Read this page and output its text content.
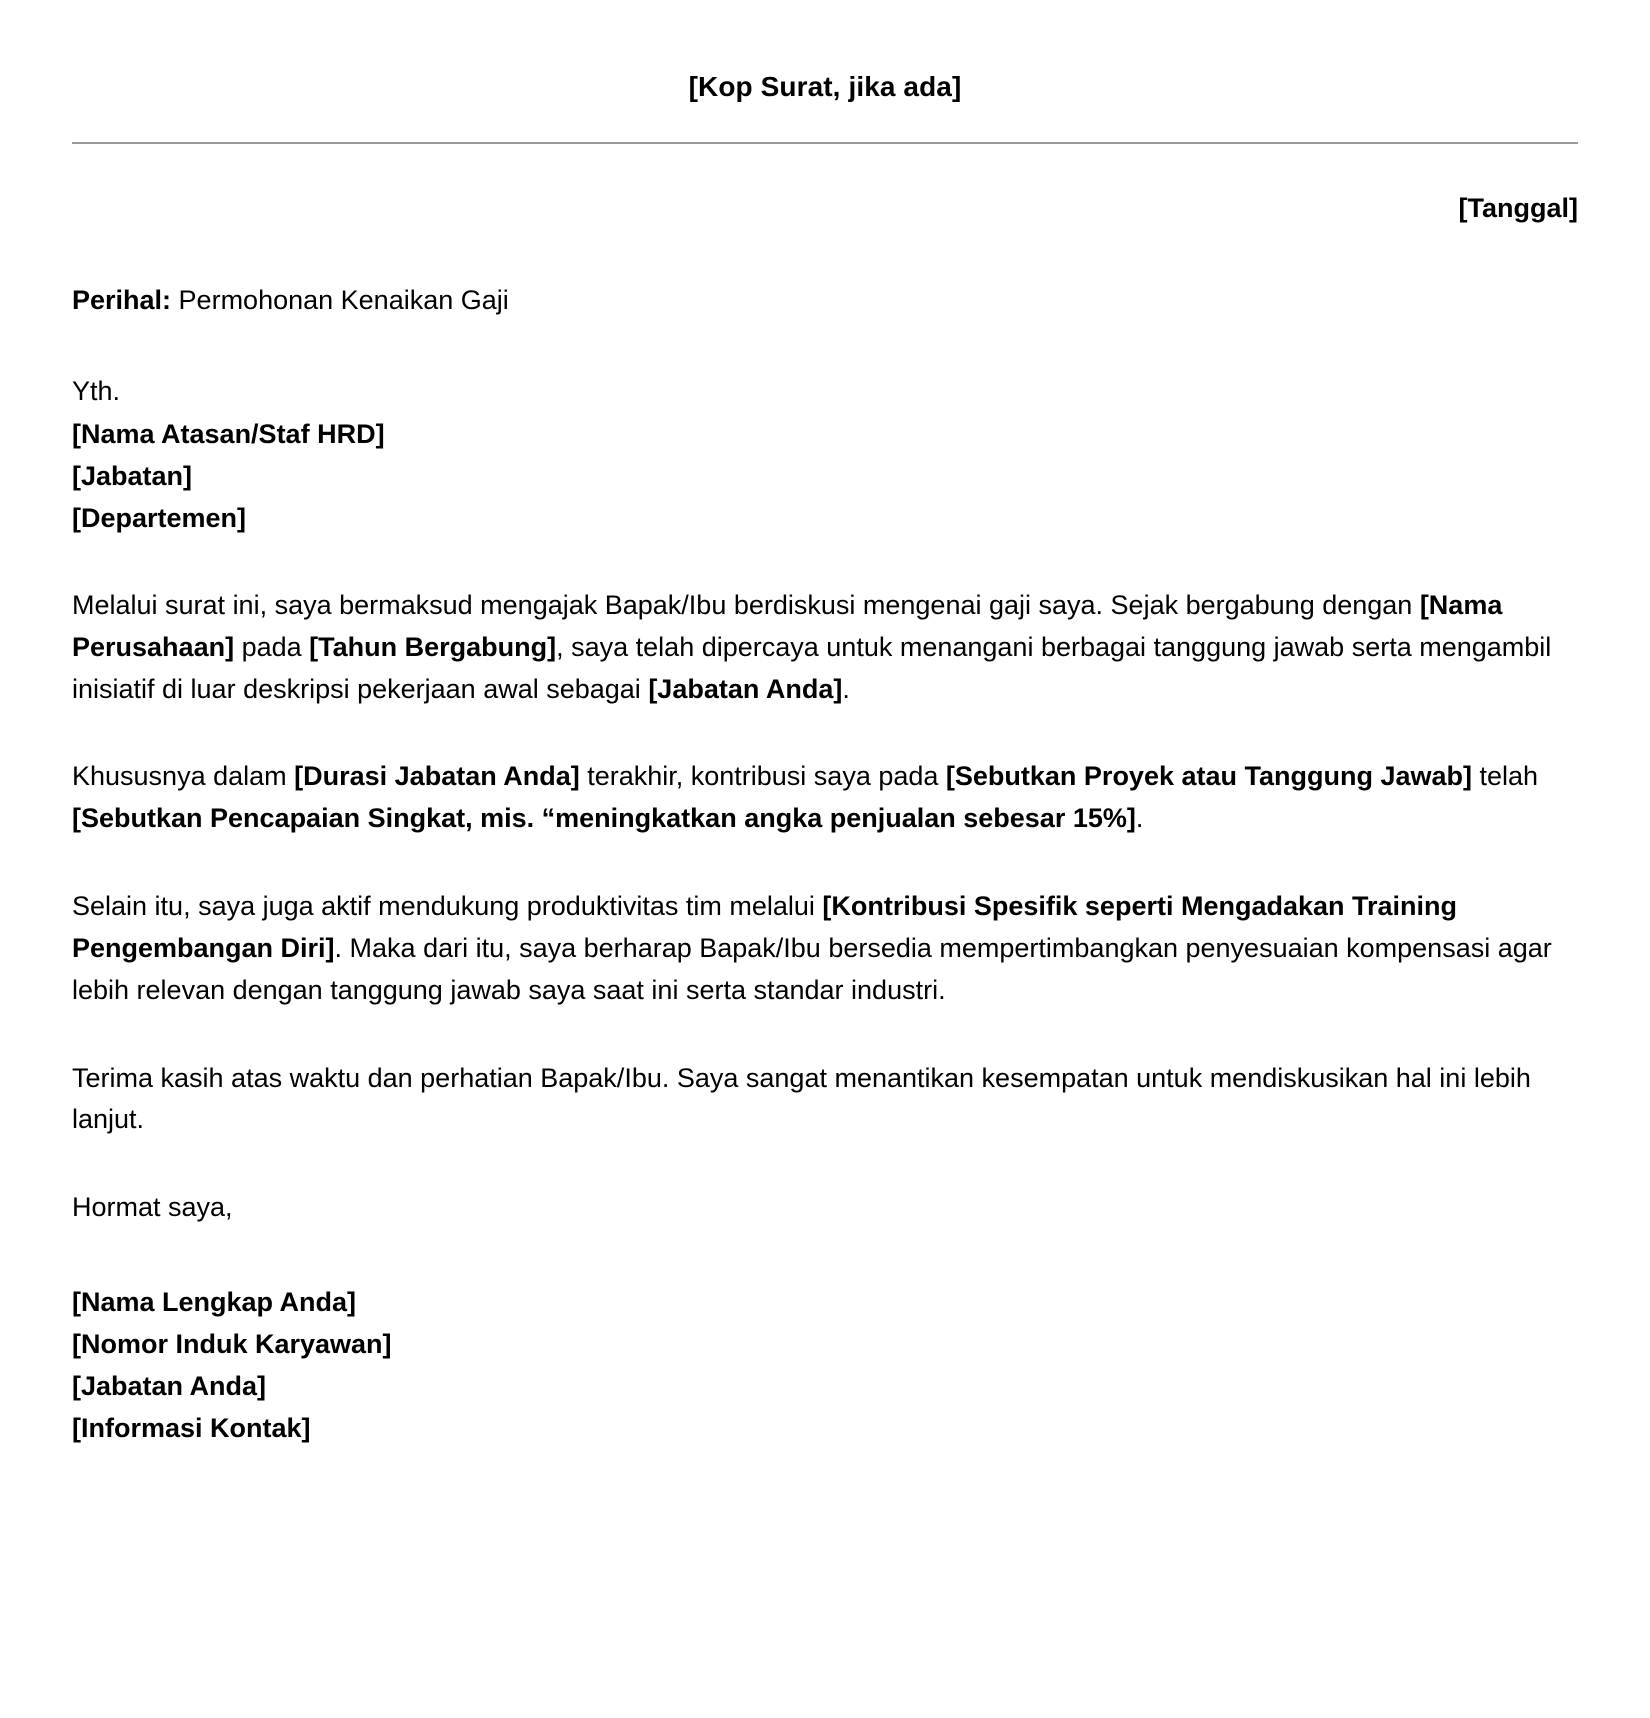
[Kop Surat, jika ada]
[Tanggal]
Perihal: Permohonan Kenaikan Gaji
Yth.
[Nama Atasan/Staf HRD]
[Jabatan]
[Departemen]

Melalui surat ini, saya bermaksud mengajak Bapak/Ibu berdiskusi mengenai gaji saya. Sejak bergabung dengan [Nama Perusahaan] pada [Tahun Bergabung], saya telah dipercaya untuk menangani berbagai tanggung jawab serta mengambil inisiatif di luar deskripsi pekerjaan awal sebagai [Jabatan Anda].

Khususnya dalam [Durasi Jabatan Anda] terakhir, kontribusi saya pada [Sebutkan Proyek atau Tanggung Jawab] telah [Sebutkan Pencapaian Singkat, mis. “meningkatkan angka penjualan sebesar 15%].

Selain itu, saya juga aktif mendukung produktivitas tim melalui [Kontribusi Spesifik seperti Mengadakan Training Pengembangan Diri]. Maka dari itu, saya berharap Bapak/Ibu bersedia mempertimbangkan penyesuaian kompensasi agar lebih relevan dengan tanggung jawab saya saat ini serta standar industri.

Terima kasih atas waktu dan perhatian Bapak/Ibu. Saya sangat menantikan kesempatan untuk mendiskusikan hal ini lebih lanjut.

Hormat saya,
[Nama Lengkap Anda]
[Nomor Induk Karyawan]
[Jabatan Anda]
[Informasi Kontak]
